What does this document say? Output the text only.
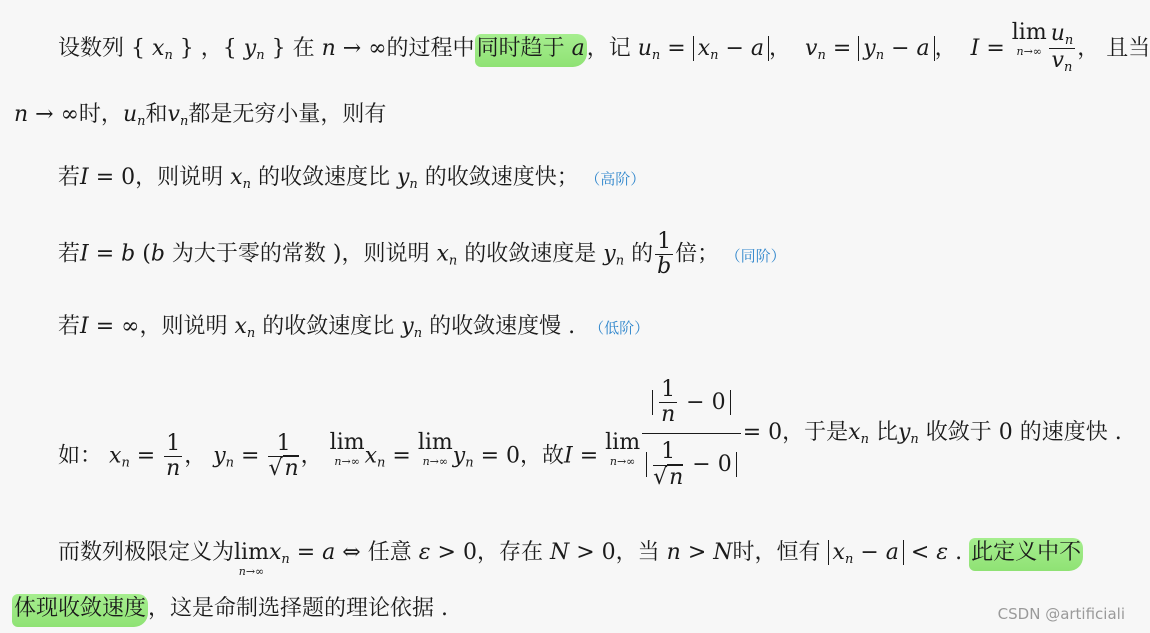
设数列 { $x_n$ } ，{ $y_n$ } 在 n → ∞的过程中同时趋于 a，记 $u_n = x_n - a$ ，  $v_n = y_n - a$ ，  I = lim
$n\to\infty \frac{u_n}{v_n}$ ， 且当
n → ∞时，$u_n$和$v_n$都是无穷小量，则有
若I = 0，则说明 $x_n$ 的收敛速度比 $y_n$ 的收敛速度快； （高阶）
若I = b (b 为大于零的常数 )，则说明 $x_n$ 的收敛速度是 $y_n$ 的 $\frac{1}{b}$ 倍； （同阶）
若I = ∞，则说明 $x_n$ 的收敛速度比 $y_n$ 的收敛速度慢 . （低阶）
如： $x_n = \frac{1}{n}$ ， $y_n = \frac{1}{√n}$ ， lim
n→∞ $x_n = \lim$
n→∞ $y_n = 0$，故I = lim
$n\to\infty \frac{\frac{1}{n} - 0}{\frac{1}{√n} - 0} = 0$，于是$x_n$ 比$y_n$ 收敛于 0 的速度快 .
而数列极限定义为lim
n→∞
$x_n = a$ ⇔ 任意 ε > 0，存在 N > 0，当 n > N时，恒有 $x_n - a < \varepsilon$ . 此定义中不
体现收敛速度，这是命制选择题的理论依据 .	CSDN @artificiali
